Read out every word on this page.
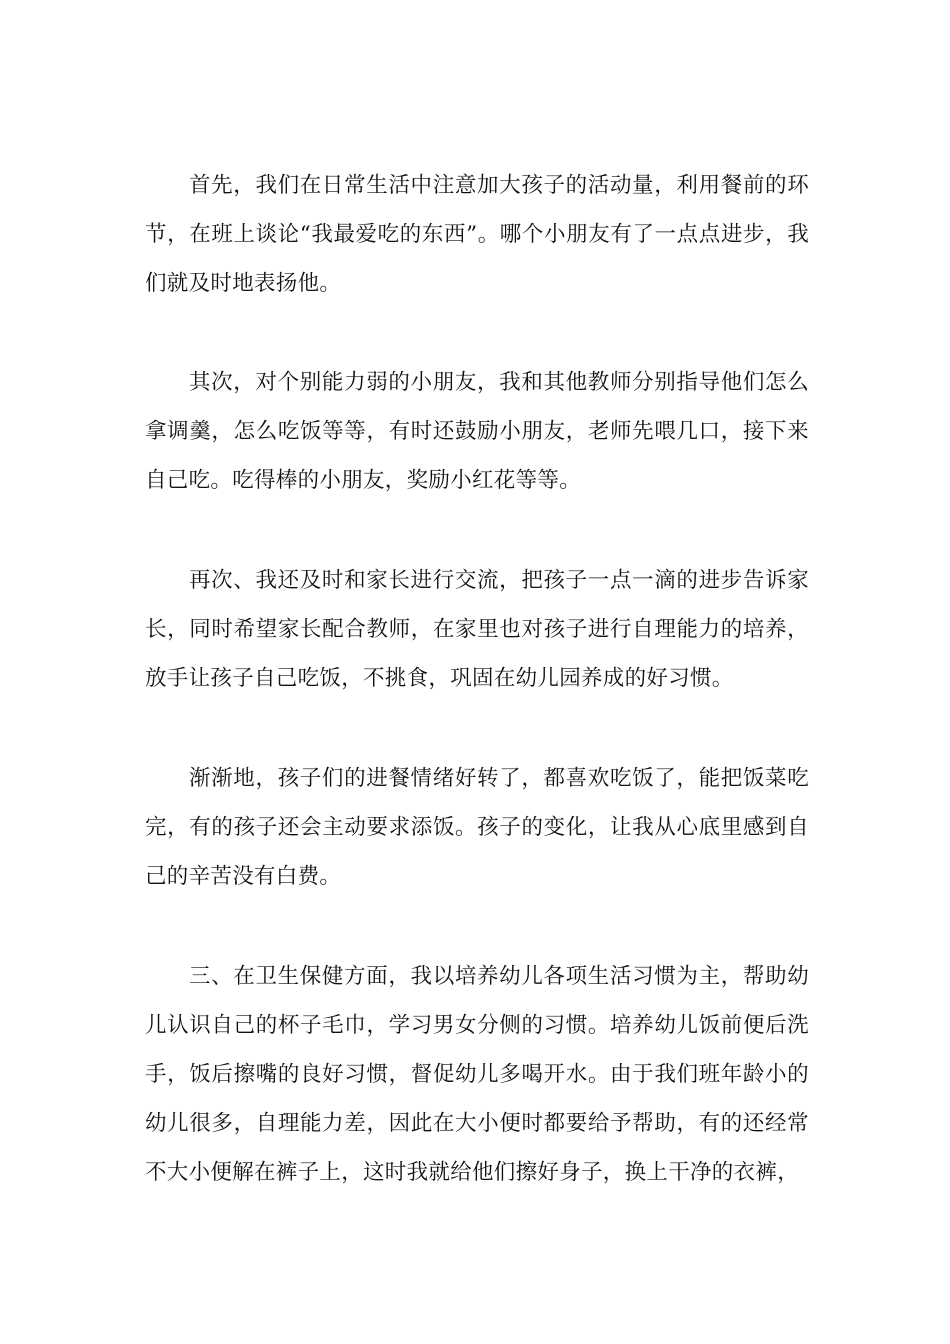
首先，我们在日常生活中注意加大孩子的活动量，利用餐前的环节，在班上谈论“我最爱吃的东西”。哪个小朋友有了一点点进步，我们就及时地表扬他。

其次，对个别能力弱的小朋友，我和其他教师分别指导他们怎么拿调羹，怎么吃饭等等，有时还鼓励小朋友，老师先喂几口，接下来自己吃。吃得棒的小朋友，奖励小红花等等。

再次、我还及时和家长进行交流，把孩子一点一滴的进步告诉家长，同时希望家长配合教师，在家里也对孩子进行自理能力的培养，放手让孩子自己吃饭，不挑食，巩固在幼儿园养成的好习惯。

渐渐地，孩子们的进餐情绪好转了，都喜欢吃饭了，能把饭菜吃完，有的孩子还会主动要求添饭。孩子的变化，让我从心底里感到自己的辛苦没有白费。

三、在卫生保健方面，我以培养幼儿各项生活习惯为主，帮助幼儿认识自己的杯子毛巾，学习男女分侧的习惯。培养幼儿饭前便后洗手，饭后擦嘴的良好习惯，督促幼儿多喝开水。由于我们班年龄小的幼儿很多，自理能力差，因此在大小便时都要给予帮助，有的还经常不大小便解在裤子上，这时我就给他们擦好身子，换上干净的衣裤，
